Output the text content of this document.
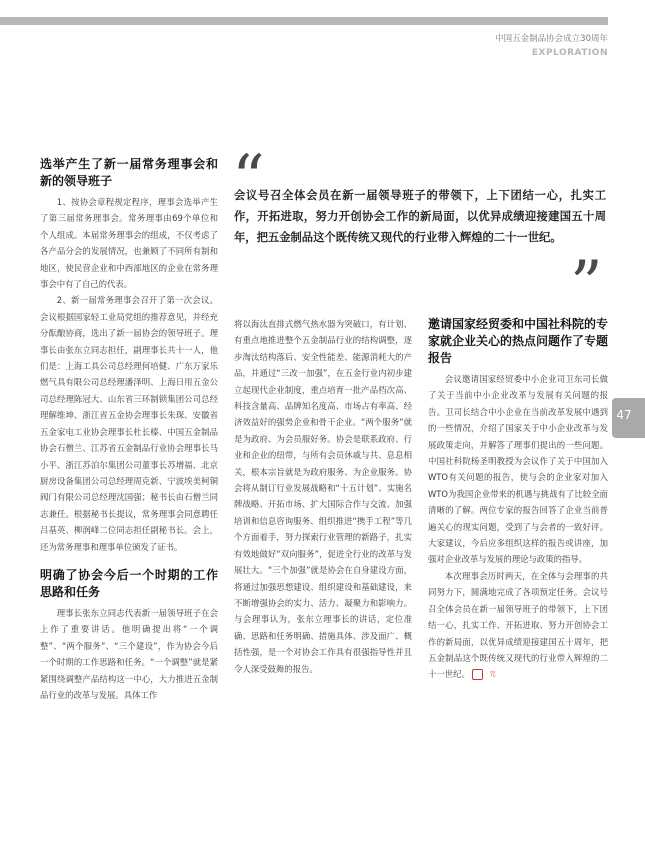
中国五金制品协会成立30周年
EXPLORATION
“
会议号召全体会员在新一届领导班子的带领下，上下团结一心，扎实工作，开拓进取，努力开创协会工作的新局面，以优异成绩迎接建国五十周年，把五金制品这个既传统又现代的行业带入辉煌的二十一世纪。
”
选举产生了新一届常务理事会和新的领导班子

1、按协会章程规定程序，理事会选举产生了第三届常务理事会。常务理事由69个单位和个人组成。本届常务理事会的组成，不仅考虑了各产品分会的发展情况，也兼顾了不同所有制和地区，使民营企业和中西部地区的企业在常务理事会中有了自己的代表。

2、新一届常务理事会召开了第一次会议。会议根据国家轻工业局党组的推荐意见，并经充分酝酿协商，选出了新一届协会的领导班子。理事长由张东立同志担任，副理事长共十一人，他们是：上海工具公司总经理何培健、广东万家乐燃气具有限公司总经理潘泽明、上海日用五金公司总经理陈冠大、山东省三环制锁集团公司总经理解维坤、浙江省五金协会理事长朱琛、安徽省五金家电工业协会理事长杜长榛、中国五金制品协会石僧兰、江苏省五金制品行业协会理事长马小平、浙江苏泊尔集团公司董事长苏增福、北京厨房设备集团公司总经理周克新、宁波埃美柯铜阀门有限公司总经理沈国强；秘书长由石僧兰同志兼任。根据秘书长提议，常务理事会同意聘任吕基英、柳润峰二位同志担任副秘书长。会上，还为常务理事和理事单位颁发了证书。

明确了协会今后一个时期的工作思路和任务

理事长张东立同志代表新一届领导班子在会上作了重要讲话。他明确提出将“一个调整”、“两个服务”、“三个建设”，作为协会今后一个时期的工作思路和任务。“一个调整”就是紧紧围绕调整产品结构这一中心，大力推进五金制品行业的改革与发展。具体工作

将以海汰直排式燃气热水器为突破口，有计划、有重点地推进整个五金制品行业的结构调整，逐步淘汰结构落后、安全性能差、能源消耗大的产品，并通过“三改一加强”，在五金行业内初步建立起现代企业制度，重点培育一批产品档次高、科技含量高、品牌知名度高、市场占有率高、经济效益好的强势企业和骨干企业。“两个服务”就是为政府、为会员服好务。协会是联系政府、行业和企业的纽带，与所有会员休戚与共、息息相关，根本宗旨就是为政府服务、为企业服务。协会将从制订行业发展战略和“十五计划”、实施名牌战略、开拓市场、扩大国际合作与交流、加强培训和信息咨询服务、组织推进“携手工程”等几个方面着手，努力探索行业管理的新路子，扎实有效地做好“双向服务”，促进全行业的改革与发展壮大。“三个加强”就是协会在自身建设方面，将通过加强思想建设、组织建设和基础建设，来不断增强协会的实力、活力、凝聚力和影响力。与会理事认为，张东立理事长的讲话，定位准确、思路和任务明确、措施具体、涉及面广、概括性强，是一个对协会工作具有很强指导性并且令人深受鼓舞的报告。

邀请国家经贸委和中国社科院的专家就企业关心的热点问题作了专题报告

会议邀请国家经贸委中小企业司卫东司长做了关于当前中小企业改革与发展有关问题的报告。卫司长结合中小企业在当前改革发展中遇到的一些情况，介绍了国家关于中小企业改革与发展政策走向，并解答了理事们提出的一些问题。中国社科院杨圣明教授为会议作了关于中国加入WTO有关问题的报告，使与会的企业家对加入WTO为我国企业带来的机遇与挑战有了比较全面清晰的了解。两位专家的报告回答了企业当前普遍关心的现实问题，受到了与会者的一致好评。大家建议，今后应多组织这样的报告或讲座，加强对企业改革与发展的理论与政策的指导。

本次理事会历时两天，在全体与会理事的共同努力下，圆满地完成了各项预定任务。会议号召全体会员在新一届领导班子的带领下，上下团结一心，扎实工作、开拓进取、努力开创协会工作的新局面，以优异成绩迎接建国五十周年，把五金制品这个既传统又现代的行业带入辉煌的二十一世纪。	完

47
